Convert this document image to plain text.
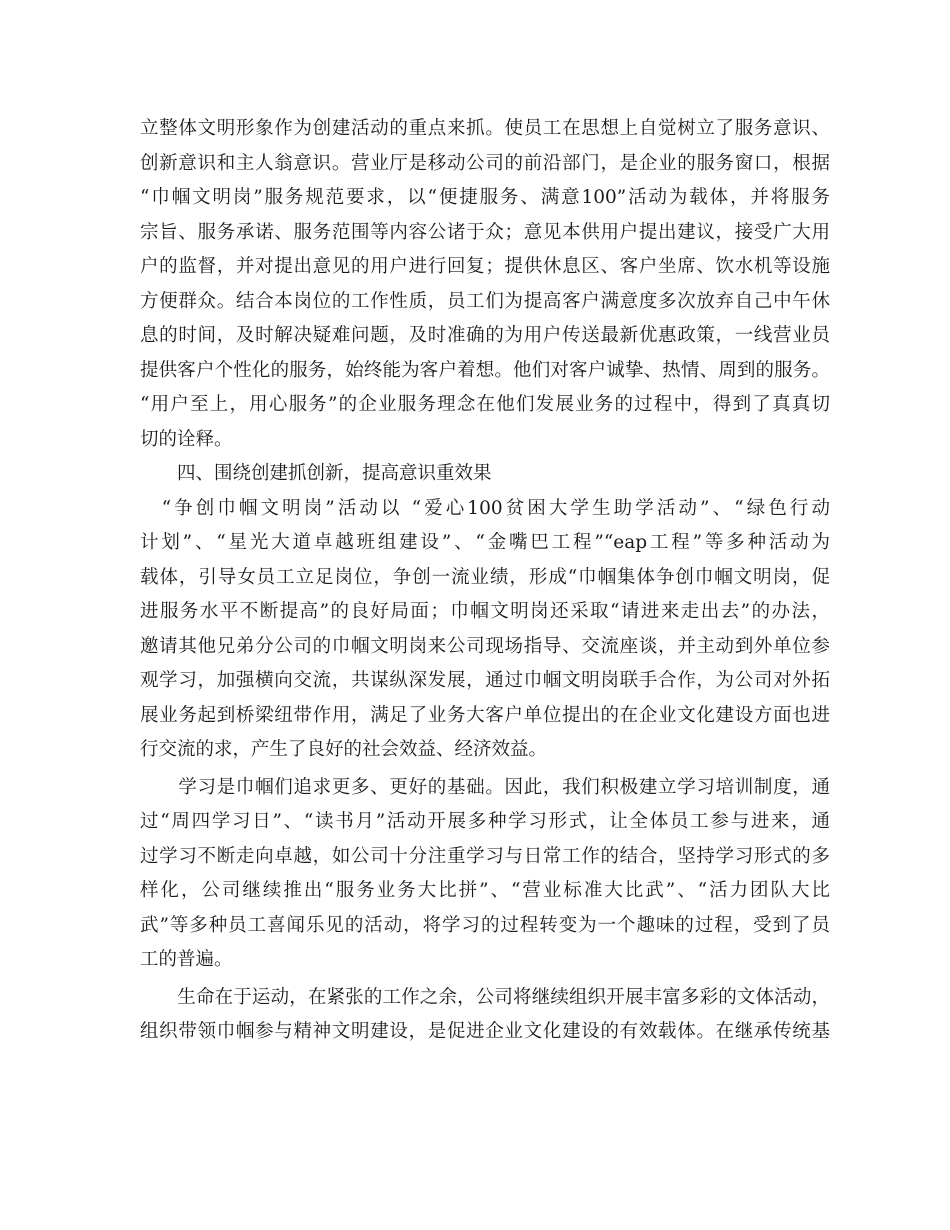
立整体文明形象作为创建活动的重点来抓。使员工在思想上自觉树立了服务意识、
创新意识和主人翁意识。营业厅是移动公司的前沿部门，是企业的服务窗口，根据
“巾帼文明岗”服务规范要求，以“便捷服务、满意100”活动为载体，并将服务
宗旨、服务承诺、服务范围等内容公诸于众；意见本供用户提出建议，接受广大用
户的监督，并对提出意见的用户进行回复；提供休息区、客户坐席、饮水机等设施
方便群众。结合本岗位的工作性质，员工们为提高客户满意度多次放弃自己中午休
息的时间，及时解决疑难问题，及时准确的为用户传送最新优惠政策，一线营业员
提供客户个性化的服务，始终能为客户着想。他们对客户诚挚、热情、周到的服务。
“用户至上，用心服务”的企业服务理念在他们发展业务的过程中，得到了真真切
切的诠释。
　　四、围绕创建抓创新，提高意识重效果
　“争创巾帼文明岗”活动以 “爱心100贫困大学生助学活动”、“绿色行动
计划”、“星光大道卓越班组建设”、“金嘴巴工程”“eap工程”等多种活动为
载体，引导女员工立足岗位，争创一流业绩，形成“巾帼集体争创巾帼文明岗，促
进服务水平不断提高”的良好局面；巾帼文明岗还采取“请进来走出去”的办法，
邀请其他兄弟分公司的巾帼文明岗来公司现场指导、交流座谈，并主动到外单位参
观学习，加强横向交流，共谋纵深发展，通过巾帼文明岗联手合作，为公司对外拓
展业务起到桥梁纽带作用，满足了业务大客户单位提出的在企业文化建设方面也进
行交流的求，产生了良好的社会效益、经济效益。
　　学习是巾帼们追求更多、更好的基础。因此，我们积极建立学习培训制度，通
过“周四学习日”、“读书月”活动开展多种学习形式，让全体员工参与进来，通
过学习不断走向卓越，如公司十分注重学习与日常工作的结合，坚持学习形式的多
样化，公司继续推出“服务业务大比拼”、“营业标准大比武”、“活力团队大比
武”等多种员工喜闻乐见的活动，将学习的过程转变为一个趣味的过程，受到了员
工的普遍。
　　生命在于运动，在紧张的工作之余，公司将继续组织开展丰富多彩的文体活动，
组织带领巾帼参与精神文明建设，是促进企业文化建设的有效载体。在继承传统基
